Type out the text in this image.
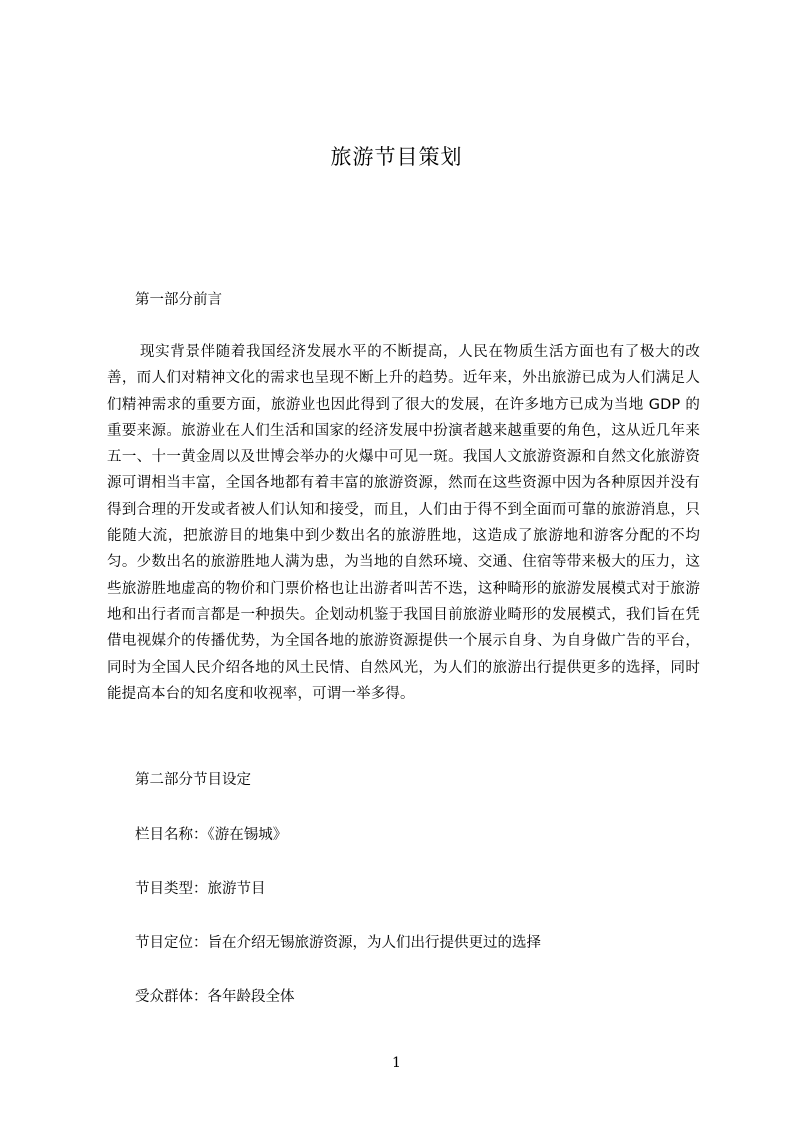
旅游节目策划
第一部分前言

现实背景伴随着我国经济发展水平的不断提高，人民在物质生活方面也有了极大的改善，而人们对精神文化的需求也呈现不断上升的趋势。近年来，外出旅游已成为人们满足人们精神需求的重要方面，旅游业也因此得到了很大的发展，在许多地方已成为当地 GDP 的重要来源。旅游业在人们生活和国家的经济发展中扮演者越来越重要的角色，这从近几年来五一、十一黄金周以及世博会举办的火爆中可见一斑。我国人文旅游资源和自然文化旅游资源可谓相当丰富，全国各地都有着丰富的旅游资源，然而在这些资源中因为各种原因并没有得到合理的开发或者被人们认知和接受，而且，人们由于得不到全面而可靠的旅游消息，只能随大流，把旅游目的地集中到少数出名的旅游胜地，这造成了旅游地和游客分配的不均匀。少数出名的旅游胜地人满为患，为当地的自然环境、交通、住宿等带来极大的压力，这些旅游胜地虚高的物价和门票价格也让出游者叫苦不迭，这种畸形的旅游发展模式对于旅游地和出行者而言都是一种损失。企划动机鉴于我国目前旅游业畸形的发展模式，我们旨在凭借电视媒介的传播优势，为全国各地的旅游资源提供一个展示自身、为自身做广告的平台，同时为全国人民介绍各地的风土民情、自然风光，为人们的旅游出行提供更多的选择，同时能提高本台的知名度和收视率，可谓一举多得。

第二部分节目设定
栏目名称：《游在锡城》
节目类型：旅游节目
节目定位：旨在介绍无锡旅游资源，为人们出行提供更过的选择
受众群体：各年龄段全体
1
